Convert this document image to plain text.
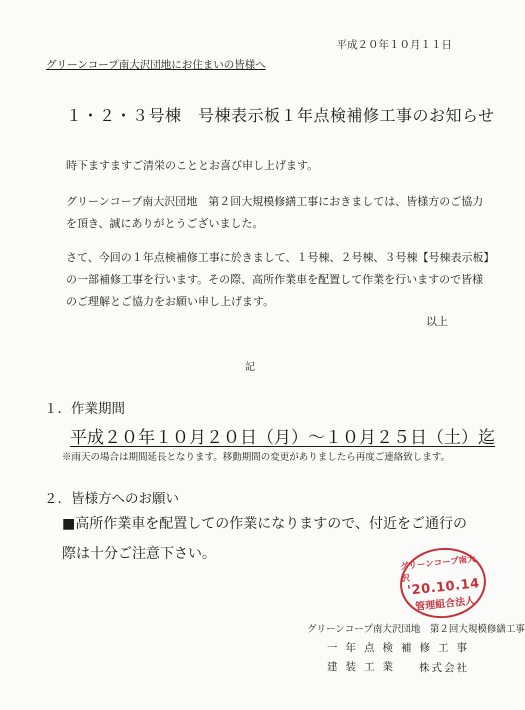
平成２０年１０月１１日
グリーンコープ南大沢団地にお住まいの皆様へ
１・２・３号棟　号棟表示板１年点検補修工事のお知らせ
時下ますますご清栄のこととお喜び申し上げます。
グリーンコープ南大沢団地　第２回大規模修繕工事におきましては、皆様方のご協力
を頂き、誠にありがとうございました。
さて、今回の１年点検補修工事に於きまして、１号棟、２号棟、３号棟【号棟表示板】
の一部補修工事を行います。その際、高所作業車を配置して作業を行いますので皆様
のご理解とご協力をお願い申し上げます。
以上
記
１．作業期間
平成２０年１０月２０日（月）～１０月２５日（土）迄
※雨天の場合は期間延長となります。移動期間の変更がありましたら再度ご連絡致します。
２．皆様方へのお願い
■高所作業車を配置しての作業になりますので、付近をご通行の
際は十分ご注意下さい。
グリーンコープ南大沢
'20.10.14
管理組合法人
グリーンコープ南大沢団地　第２回大規模修繕工事
一年点検補修工事
建装工業 株式会社
